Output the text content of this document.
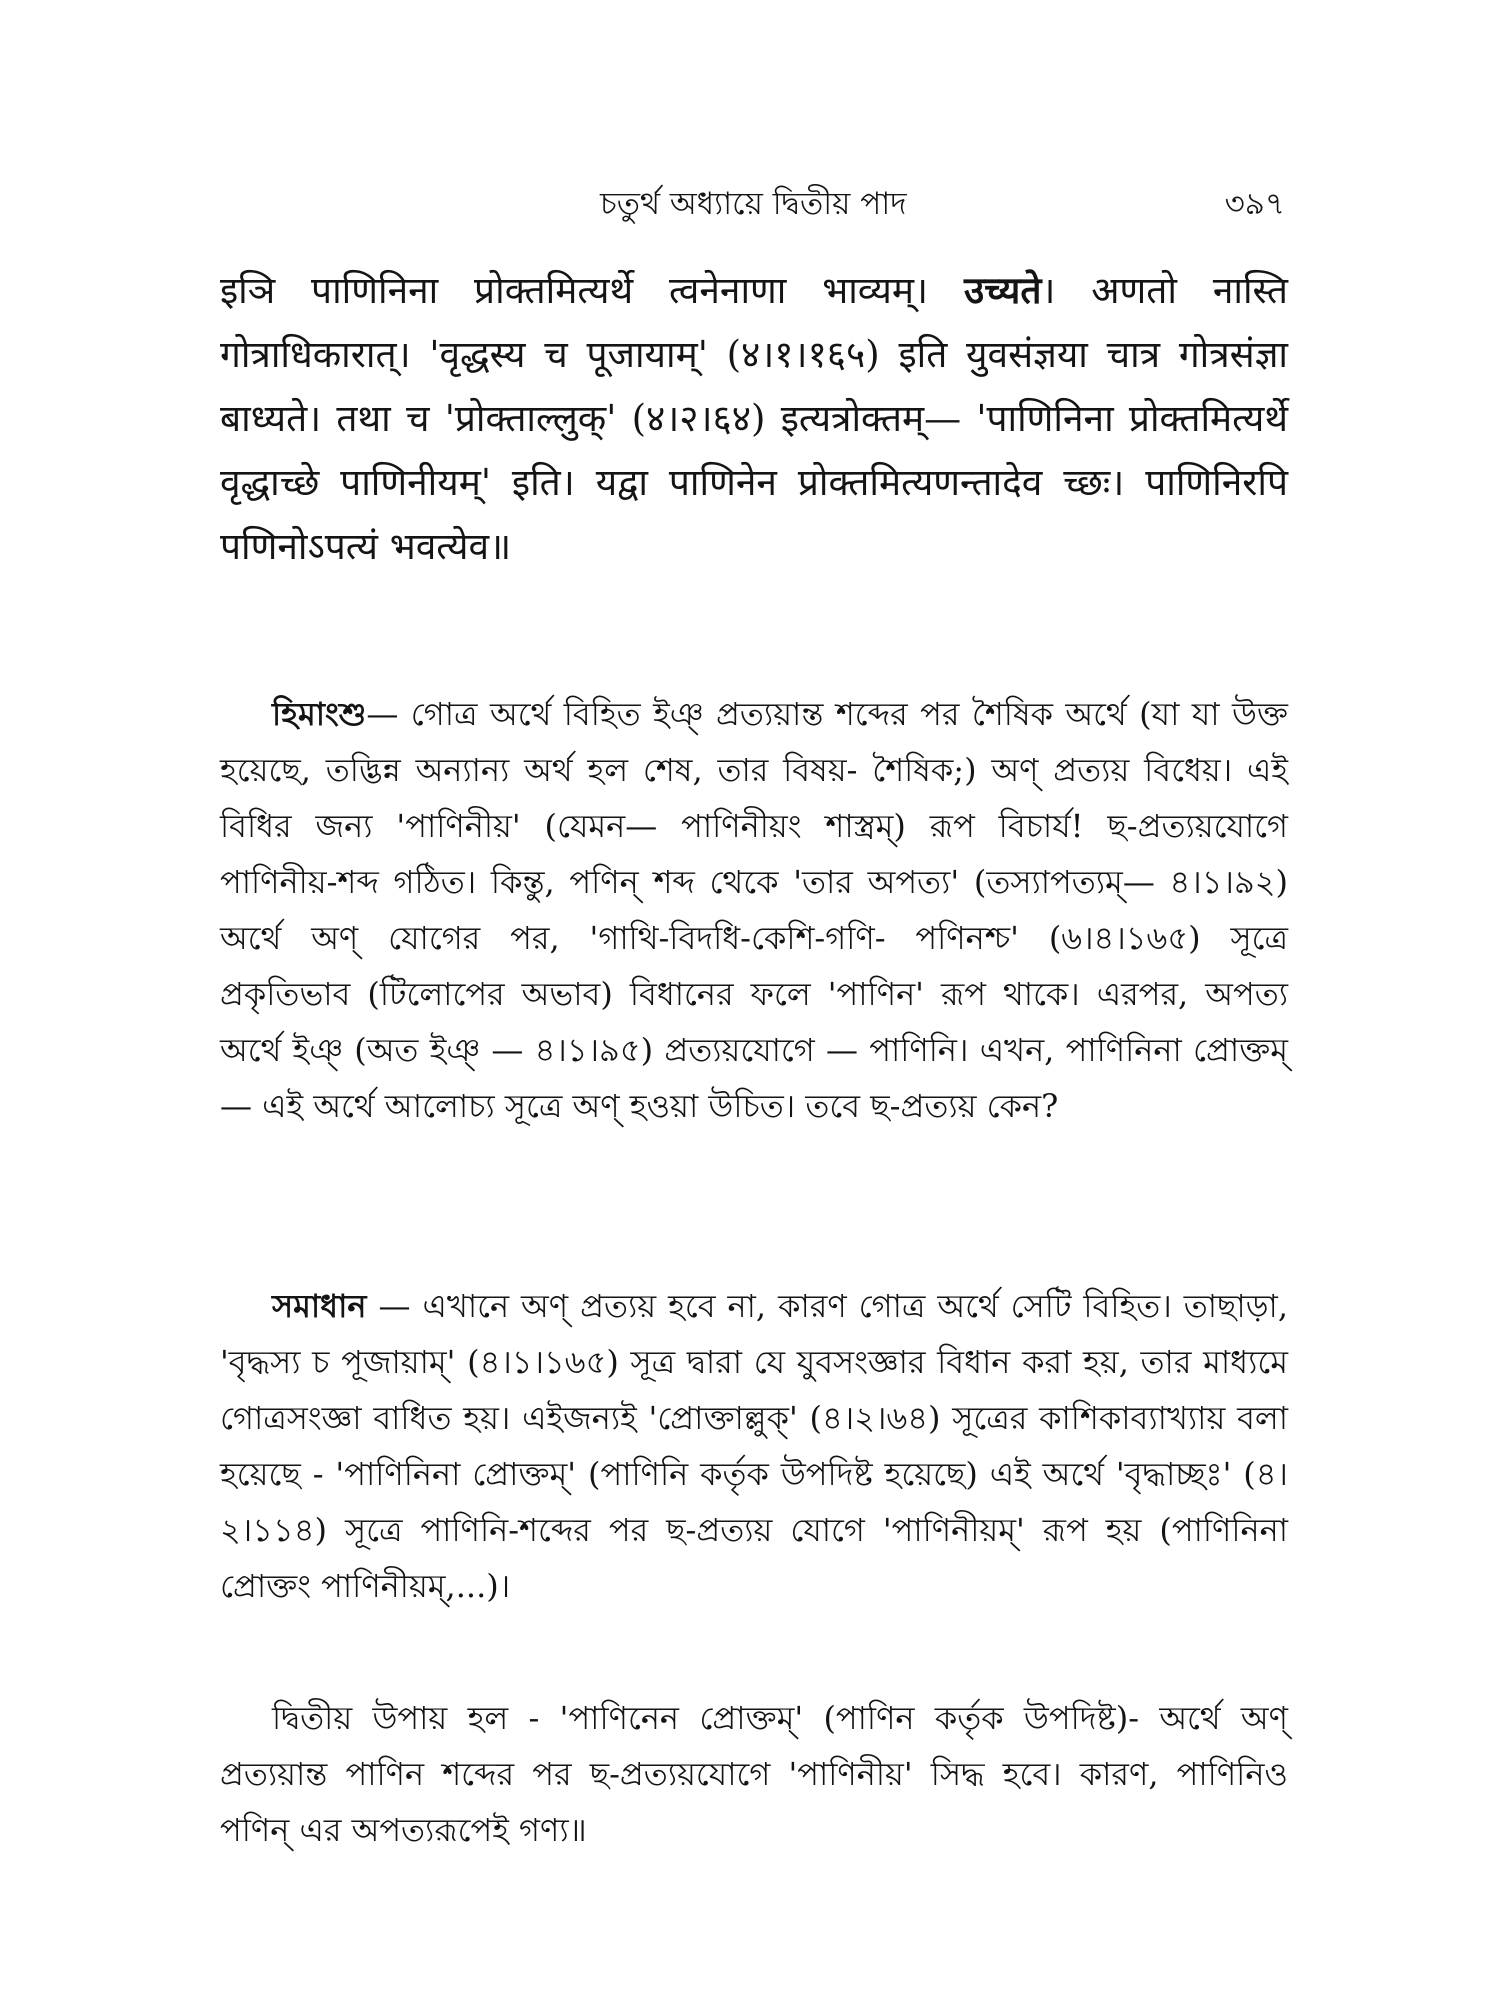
চতুর্থ অধ্যায়ে দ্বিতীয় পাদ	৩৯৭

इञि पाणिनिना प्रोक्तमित्यर्थे त्वनेनाणा भाव्यम्। उच्यते। अणतो नास्ति गोत्राधिकारात्। 'वृद्धस्य च पूजायाम्' (४।१।१६५) इति युवसंज्ञया चात्र गोत्रसंज्ञा बाध्यते। तथा च 'प्रोक्ताल्लुक्' (४।२।६४) इत्यत्रोक्तम्— 'पाणिनिना प्रोक्तमित्यर्थे वृद्धाच्छे पाणिनीयम्' इति। यद्वा पाणिनेन प्रोक्तमित्यणन्तादेव च्छः। पाणिनिरपि पणिनोऽपत्यं भवत्येव॥

হিমাংশু— গোত্র অর্থে বিহিত ইঞ্ প্রত্যয়ান্ত শব্দের পর শৈষিক অর্থে (যা যা উক্ত হয়েছে, তদ্ভিন্ন অন্যান্য অর্থ হল শেষ, তার বিষয়- শৈষিক;) অণ্ প্রত্যয় বিধেয়। এই বিধির জন্য 'পাণিনীয়' (যেমন— পাণিনীয়ং শাস্ত্রম্) রূপ বিচার্য! ছ-প্রত্যয়যোগে পাণিনীয়-শব্দ গঠিত। কিন্তু, পণিন্ শব্দ থেকে 'তার অপত্য' (তস্যাপত্যম্— ৪।১।৯২) অর্থে অণ্ যোগের পর, 'গাথি-বিদধি-কেশি-গণি- পণিনশ্চ' (৬।৪।১৬৫) সূত্রে প্রকৃতিভাব (টিলোপের অভাব) বিধানের ফলে 'পাণিন' রূপ থাকে। এরপর, অপত্য অর্থে ইঞ্ (অত ইঞ্ — ৪।১।৯৫) প্রত্যয়যোগে — পাণিনি। এখন, পাণিনিনা প্রোক্তম্ — এই অর্থে আলোচ্য সূত্রে অণ্ হওয়া উচিত। তবে ছ-প্রত্যয় কেন?

সমাধান — এখানে অণ্ প্রত্যয় হবে না, কারণ গোত্র অর্থে সেটি বিহিত। তাছাড়া, 'বৃদ্ধস্য চ পূজায়াম্' (৪।১।১৬৫) সূত্র দ্বারা যে যুবসংজ্ঞার বিধান করা হয়, তার মাধ্যমে গোত্রসংজ্ঞা বাধিত হয়। এইজন্যই 'প্রোক্তাল্লুক্' (৪।২।৬৪) সূত্রের কাশিকাব্যাখ্যায় বলা হয়েছে - 'পাণিনিনা প্রোক্তম্' (পাণিনি কর্তৃক উপদিষ্ট হয়েছে) এই অর্থে 'বৃদ্ধাচ্ছঃ' (৪।২।১১৪) সূত্রে পাণিনি-শব্দের পর ছ-প্রত্যয় যোগে 'পাণিনীয়ম্' রূপ হয় (পাণিনিনা প্রোক্তং পাণিনীয়ম্,...)।

দ্বিতীয় উপায় হল - 'পাণিনেন প্রোক্তম্' (পাণিন কর্তৃক উপদিষ্ট)- অর্থে অণ্ প্রত্যয়ান্ত পাণিন শব্দের পর ছ-প্রত্যয়যোগে 'পাণিনীয়' সিদ্ধ হবে। কারণ, পাণিনিও পণিন্ এর অপত্যরূপেই গণ্য॥
